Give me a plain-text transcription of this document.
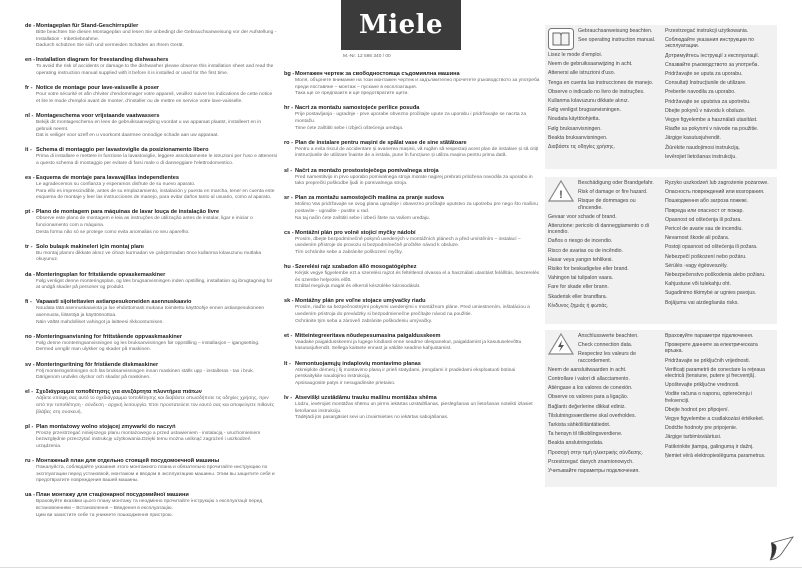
de - Montageplan für Stand-Geschirrspüler

Bitte beachten Sie diesen Montageplan und lesen Sie unbedingt die Gebrauchsanweisung vor der Aufstellung - Installation - Inbetriebnahme.

Dadurch schützen Sie sich und vermeiden Schäden an Ihrem Gerät.

en - Installation diagram for freestanding dishwashers

To avoid the risk of accidents or damage to the dishwasher please observe this installation sheet and read the operating instruction manual supplied with it before it is installed or used for the first time.

fr - Notice de montage pour lave-vaisselle à poser

Pour votre sécurité et afin d'éviter d'endommager votre appareil, veuillez suivre les indications de cette notice et lire le mode d'emploi avant de monter, d'installer ou de mettre en service votre lave-vaisselle.

nl - Montageschema voor vrijstaande vaatwassers

Bekijk dit montageschema en lees de gebruiksaanwijzing voordat u uw apparaat plaatst, installeert en in gebruik neemt.

Dat is veiliger voor uzelf en u voorkomt daarmee onnodige schade aan uw apparaat.

it - Schema di montaggio per lavastoviglie da posizionamento libero

Prima di installare e mettere in funzione la lavastoviglie, leggere assolutamente le istruzioni per l'uso e attenersi a questo schema di montaggio per evitare di farsi male o di danneggiare l'elettrodomestico.

es - Esquema de montaje para lavavajillas independientes

Le agradecemos su confianza y esperamos disfrute de su nuevo aparato.

Para ello es imprescindible, antes de su emplazamiento, instalación y puesta en marcha, tener en cuenta este esquema de montaje y leer las instrucciones de manejo, para evitar daños tanto al usuario, como al aparato.

pt - Plano de montagem para máquinas de lavar louça de instalação livre

Observe este plano de montagem e leia as instruções de utilização antes de instalar, ligar e iniciar o funcionamento com a máquina.

Desta forma não só se protege como evita anomalias no seu aparelho.

tr - Solo bulaşık makineleri için montaj planı

Bu montaj planını dikkate alınız ve cihazı kurmadan ve çalıştırmadan önce kullanma kılavuzunu mutlaka okuyunuz.

da - Monteringsplan for fritstående opvaskemaskiner

Følg venligst denne monteringsplan, og læs brugsanvisningen inden opstilling, installation og ibrugtagning for at undgå skader på personer og produkt.

fi - Vapaasti sijoitettavien astianpesukoneiden asennuskaavio

Noudata tätä asennuskaaviota ja lue ehdottomasti mukana toimitettu käyttöohje ennen astianpesukoneen asennusta, liitäntöjä ja käyttöönottoa.

Näin vältät mahdolliset vahingot ja laitteesi rikkoontumisen.

no - Monteringsanvisning for frittstående oppvaskmaskiner

Følg denne monteringsanvisningen og les bruksanvisningen før oppstilling – installasjon – igangsetting.

Dermed unngår man ulykker og skader på maskinen.

sv - Monteringsritning för fristående diskmaskiner

Följ monteringsritningen och läs bruksanvisningen innan maskinen ställs upp - installeras - tas i bruk.

Därigenom undviks olyckor och skador på maskinen.

el - Σχεδιάγραμμα τοποθέτησης για ανεξάρτητα πλυντήρια πιάτων

Λάβετε υπόψη σας αυτό το σχεδιάγραμμα τοποθέτησης και διαβάστε οπωσδήποτε τις οδηγίες χρήσης, πριν από την τοποθέτηση - σύνδεση - αρχική λειτουργία. Έτσι προστατεύετε τον εαυτό σας και αποφεύγετε πιθανές βλάβες στη συσκευή.

pl - Plan montażowy wolno stojącej zmywarki do naczyń

Proszę przestrzegać niniejszego planu montażowego a przed ustawieniem - instalacją - uruchomieniem bezwzględnie przeczytać instrukcję użytkowania.Dzięki temu można uniknąć zagrożeń i uszkodzeń urządzenia.

ru - Монтажный план для отдельно стоящей посудомоечной машины

Пожалуйста, соблюдайте указания этого монтажного плана и обязательно прочитайте инструкцию по эксплуатации перед установкой, монтажом и вводом в эксплуатацию машины. Этим вы защитите себя и предотвратите повреждения вашей машины.

ua - План монтажу для стаціонарної посудомийної машини

Враховуйте вказівки цього плану монтажу та неодмінно прочитайте інструкцію з експлуатації перед встановленням – Встановлення – Введення в експлуатацію.

Цим ви захистите себе та уникнете пошкодження пристрою.

Miele
M.-Nr. 12 586 340 / 00
bg - Монтажен чертеж за свободностояща съдомиялна машина

Моля, обърнете внимание на този монтажен чертеж и задължително прочетете ръководството за употреба преди поставяне – монтаж – пускане в експлоатация.

Така ще се предпазите и ще предотвратите щети.

hr - Nacrt za montažu samostojeće perilice posuđa

Prije postavljanja - ugradnje - prve uporabe obvezno pročitajte upute za uporabu i pridržavajte se nacrta za montažu.

Time ćete zaštititi sebe i izbjeći oštećenja uređaja.

ro - Plan de instalare pentru mașini de spălat vase de sine stătătoare

Pentru a evita riscul de accidentare și avarierea mașinii, vă rugăm să respectați acest plan de instalare și să citiți instrucțiunile de utilizare înainte de a instala, pune în funcțiune și utiliza mașina pentru prima dată.

sl - Načrt za montažo prostostoječega pomivalnega stroja

Pred namestitvijo in prvo uporabo pomivalnega stroja morate najprej prebrati priložena navodila za uporabo in tako preprečiti poškodbe ljudi in pomivalnega stroja.

sr - Plan za montažu samostojećih mašina za pranje sudova

Molimo Vas pridržavajte se ovog plana ugradnje i obavezno pročitajte uputstvo za upotrebu pre nego što mašinu postavite - ugradite - pustite u rad.

Na taj način ćete zaštititi sebe i izbeći štete na Vašem uređaju.

cs - Montážní plán pro volně stojící myčky nádobí

Prosím, dbejte bezpodmínečně pokynů uvedených v montážních plánech a před umístěním – instalací – uvedením přístroje do provozu si bezpodmínečně pročtěte návod k obsluze.

Tím ochráníte sebe a zabráníte poškození myčky.

hu - Szerelési rajz szabadon álló mosogatógéphez

Kérjük vegye figyelembe ezt a szerelési rajzot és feltétlenül olvassa el a használati utasítást felállítás, beszerelés és üzembe helyezés előtt.

Ezáltal megóvja magát és elkerüli készüléke károsodását.

sk - Montážny plán pre voľne stojace umývačky riadu

Prosím, riaďte sa bezpečnostnými pokynmi uvedenými v montážnom pláne. Pred umiestnením, inštaláciou a uvedením prístroja do prevádzky si bezpodmienečne prečítajte návod na použitie.

Ochránite tým seba a zároveň zabránite poškodeniu umývačky.

et - Mitteintegreeritava nõudepesumasina paigaldusskeem

Vaadake paigaldusskeemi ja lugege kindlasti enne seadme ülespanekut, paigaldamist ja kasutuselevõttu kasutusjuhendit. Sellega kaitsete ennast ja väldite seadme kahjustamist.

lt - Nemontuojamųjų indaplovių montavimo planas

Atkreipkite dėmesį į šį montavimo planą ir prieš statydami, įrengdami ir pradėdami eksploatuoti būtinai perskaitykite naudojimo instrukciją.

Apsisaugosite patys ir nesugadinsite prietaiso.

lv - Atsevišķi uzstādāmu trauku mašīnu montāžas shēma

Lūdzu, ievērojiet montāžas shēmu un pirms iekārtas uzstādīšanas, pieslēgšanas un lietošanas noteikti izlasiet lietošanas instrukciju.

Tādējādi jūs pasargāsiet sevi un izvairīsieties no iekārtas sabojāšanas.

Gebrauchsanweisung beachten.
See operating instruction manual.
Lisez le mode d'emploi.
Neem de gebruiksaanwijzing in acht.
Attenersi alle istruzioni d'uso.
Tenga en cuenta las instrucciones de manejo.
Observe o indicado no livro de instruções.
Kullanma kılavuzunu dikkate alınız.
Følg venligst brugsanvisningen.
Noudata käyttöohjetta.
Følg bruksanvisningen.
Beakta bruksanvisningen.
Διαβάστε τις οδηγίες χρήσης.
Przestrzegać instrukcji użytkowania.
Соблюдайте указания инструкции по эксплуатации.
Дотримуйтесь інструкції з експлуатації.
Спазвайте ръководството за употреба.
Pridržavajte se uputa za uporabu.
Consultaţi Instrucţiunile de utilizare.
Preberite navodila za uporabo.
Pridržavajte se uputstva za upotrebu.
Dbejte pokynů v návodu k obsluze.
Vegye figyelembe a használati utasítást.
Riaďte sa pokynmi v návode na použitie.
Järgige kasutusjuhendit.
Žiūrėkite naudojimosi instrukciją.
Ievērojiet lietošanas instrukciju.
!
Beschädigung oder Brandgefahr.
Risk of damage or fire hazard.
Risque de dommages ou d'incendie.
Gevaar voor schade of brand.
Attenzione: pericolo di danneggiamento o di incendio.
Daños o riesgo de incendio.
Risco de avarias ou de incêndio.
Hasar veya yangın tehlikesi.
Risiko for beskadigelse eller brand.
Vahingon tai tulipalon vaara.
Fare for skade eller brann.
Skaderisk eller brandfara.
Κίνδυνος ζημιάς ή φωτιάς.
Ryzyko uszkodzeń lub zagrożenie pożarowe.
Опасность повреждений или возгорания.
Пошкодження або загроза пожежі.
Повреда или опасност от пожар.
Opasnost od oštećenja ili požara.
Pericol de avarie sau de incendiu.
Nevarnost škode ali požara.
Postoji opasnost od oštećenja ili požara.
Nebezpečí poškození nebo požáru.
Sérülés -vagy égésveszély.
Nebezpečenstvo poškodenia alebo požiaru.
Kahjustuse või tulekahju oht.
Sugadinimo tikimybė ar ugnies pavojus.
Bojājumu vai aizdegšanās risks.
Anschlusswerte beachten.
Check connection data.
Respectez les valeurs de raccordement.
Neem de aansluitwaarden in acht.
Controllare i valori di allacciamento.
Atiéngase a los valores de conexión.
Observe os valores para a ligação.
Bağlantı değerlerine dikkat ediniz.
Tilslutningsværdierne skal overholdes.
Tarkista sähköliitäntätiedot.
Ta hensyn til tilkoblingsverdiene.
Beakta anslutningsdata.
Προσοχή στην τιμή ηλεκτρικής σύνδεσης.
Przestrzegać danych znamionowych.
Учитывайте параметры подключения.
Враховуйте параметри підключення.
Проверете данните за електрическата връзка.
Pridržavajte se priključnih vrijednosti.
Verificaţi parametrii de conectare la reţeaua electrică (tensiune, putere şi frecvenţă).
Upoštevajte priključne vrednosti.
Vodite računa o naponu, opterećenju i frekvenciji.
Dbejte hodnot pro připojení.
Vegye figyelembe a csatlakozási értékeket.
Dodržte hodnoty pre pripojenie.
Järgige tarbimisväärtusi.
Patikrinkite įtampą, galingumą ir dažnį.
Ņemiet vērā elektropieslēguma parametrus.
